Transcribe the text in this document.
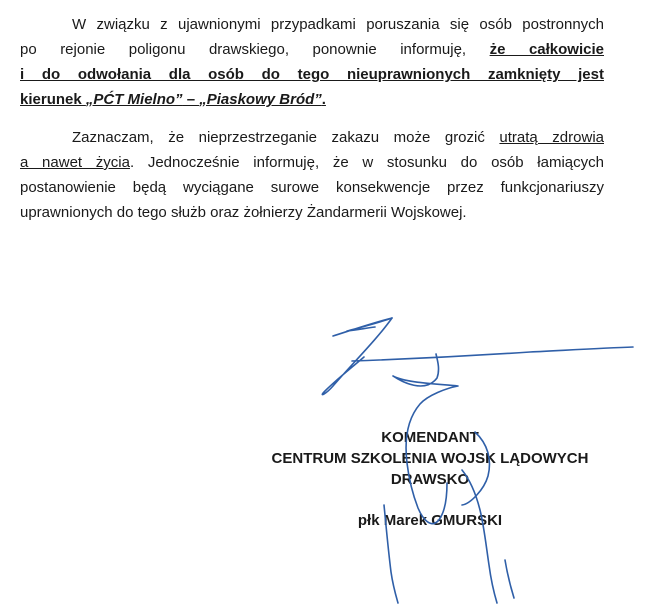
W związku z ujawnionymi przypadkami poruszania się osób postronnych
po rejonie poligonu drawskiego, ponownie informuję, że całkowicie
i do odwołania dla osób do tego nieuprawnionych zamknięty jest
kierunek „PĆT Mielno” – „Piaskowy Bród”.

Zaznaczam, że nieprzestrzeganie zakazu może grozić utratą zdrowia
a nawet życia. Jednocześnie informuję, że w stosunku do osób łamiących
postanowienie będą wyciągane surowe konsekwencje przez funkcjonariuszy
uprawnionych do tego służb oraz żołnierzy Żandarmerii Wojskowej.

KOMENDANT
CENTRUM SZKOLENIA WOJSK LĄDOWYCH
DRAWSKO
płk Marek GMURSKI
